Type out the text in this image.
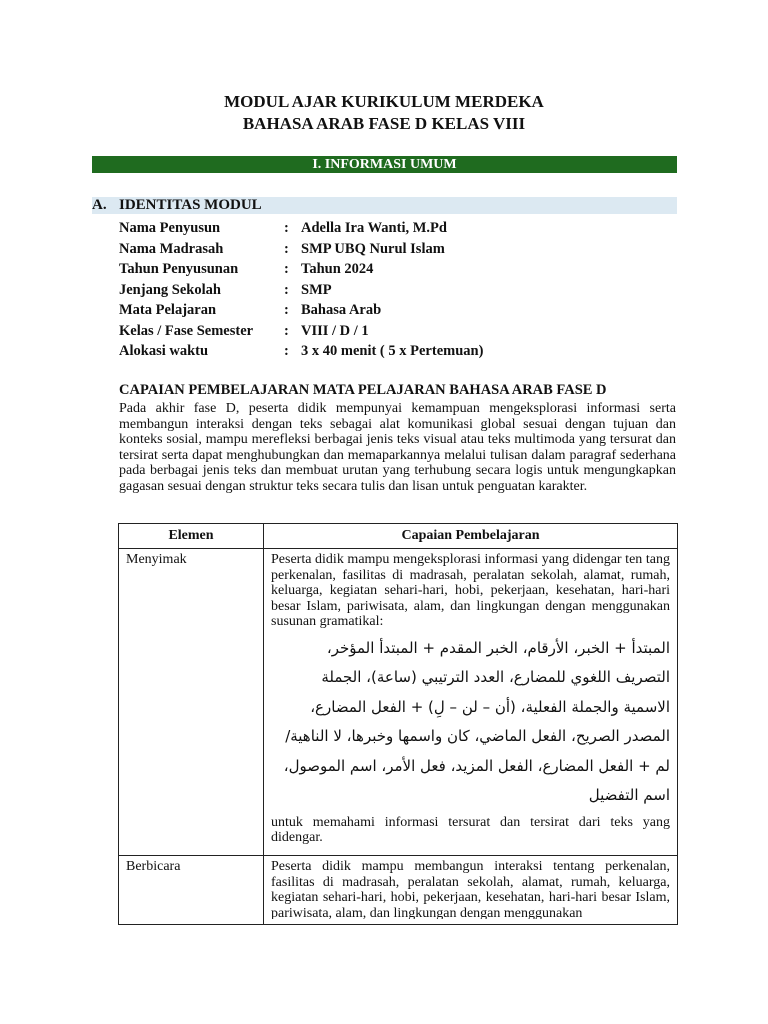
MODUL AJAR KURIKULUM MERDEKA
BAHASA ARAB FASE D KELAS VIII
I. INFORMASI UMUM
A. IDENTITAS MODUL
Nama Penyusun	: Adella Ira Wanti, M.Pd
Nama Madrasah	: SMP UBQ Nurul Islam
Tahun Penyusunan	: Tahun 2024
Jenjang Sekolah	: SMP
Mata Pelajaran	: Bahasa Arab
Kelas / Fase Semester : VIII / D / 1
Alokasi waktu	: 3 x 40 menit ( 5 x Pertemuan)
CAPAIAN PEMBELAJARAN MATA PELAJARAN BAHASA ARAB FASE D
Pada akhir fase D, peserta didik mempunyai kemampuan mengeksplorasi informasi serta membangun interaksi dengan teks sebagai alat komunikasi global sesuai dengan tujuan dan konteks sosial, mampu merefleksi berbagai jenis teks visual atau teks multimoda yang tersurat dan tersirat serta dapat menghubungkan dan memaparkannya melalui tulisan dalam paragraf sederhana pada berbagai jenis teks dan membuat urutan yang terhubung secara logis untuk mengungkapkan gagasan sesuai dengan struktur teks secara tulis dan lisan untuk penguatan karakter.
Elemen	Capaian Pembelajaran
Menyimak	Peserta didik mampu mengeksplorasi informasi yang didengar ten tang perkenalan, fasilitas di madrasah, peralatan sekolah, alamat, rumah, keluarga, kegiatan sehari-hari, hobi, pekerjaan, kesehatan, hari-hari besar Islam, pariwisata, alam, dan lingkungan dengan menggunakan susunan gramatikal:
المبتدأ + الخبر، الأرقام، الخبر المقدم + المبتدأ المؤخر، التصريف اللغوي للمضارع، العدد الترتيبي (ساعة)، الجملة الاسمية والجملة الفعلية، (أن – لن – لِ) + الفعل المضارع، المصدر الصريح، الفعل الماضي، كان واسمها وخبرها، لا الناهية/لم + الفعل المضارع، الفعل المزيد، فعل الأمر، اسم الموصول، اسم التفضيل
untuk memahami informasi tersurat dan tersirat dari teks yang didengar.

Berbicara	Peserta didik mampu membangun interaksi tentang perkenalan, fasilitas di madrasah, peralatan sekolah, alamat, rumah, keluarga, kegiatan sehari-hari, hobi, pekerjaan, kesehatan, hari-hari besar Islam, pariwisata, alam, dan lingkungan dengan menggunakan
